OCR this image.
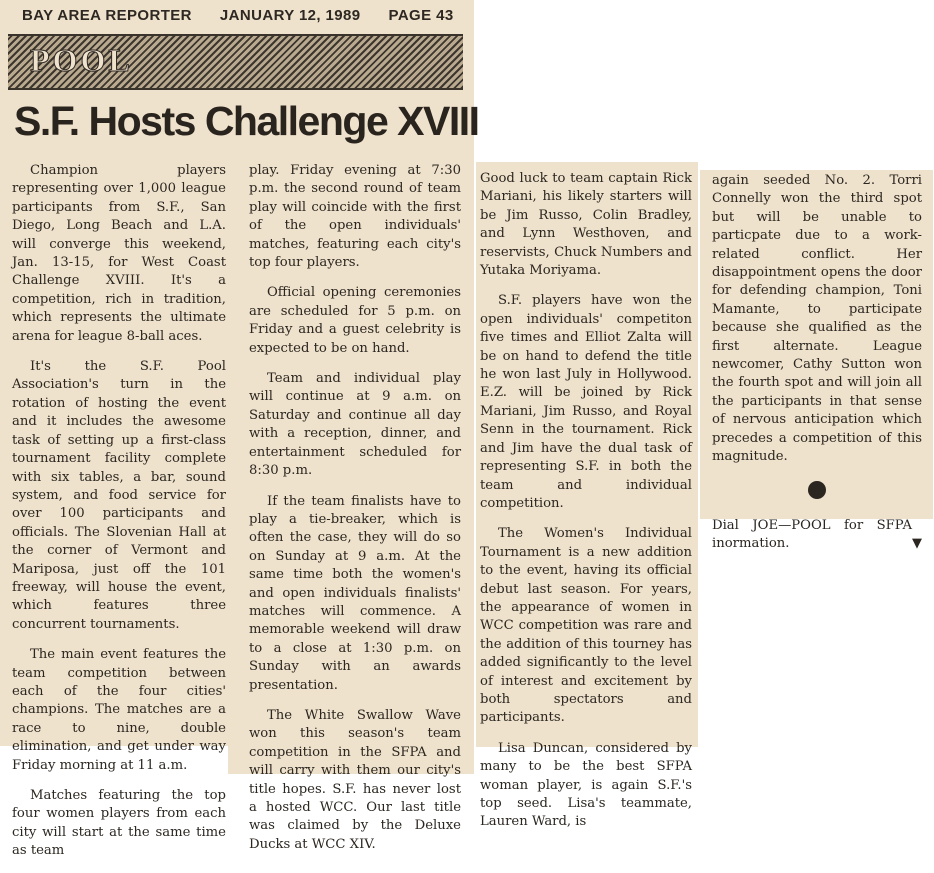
BAY AREA REPORTER JANUARY 12, 1989 PAGE 43
POOL
S.F. Hosts Challenge XVIII

Champion players representing over 1,000 league participants from S.F., San Diego, Long Beach and L.A. will converge this weekend, Jan. 13-15, for West Coast Challenge XVIII. It's a competition, rich in tradition, which represents the ultimate arena for league 8-ball aces.

It's the S.F. Pool Association's turn in the rotation of hosting the event and it includes the awesome task of setting up a first-class tournament facility complete with six tables, a bar, sound system, and food service for over 100 participants and officials. The Slovenian Hall at the corner of Vermont and Mariposa, just off the 101 freeway, will house the event, which features three concurrent tournaments.

The main event features the team competition between each of the four cities' champions. The matches are a race to nine, double elimination, and get under way Friday morning at 11 a.m.

Matches featuring the top four women players from each city will start at the same time as team

play. Friday evening at 7:30 p.m. the second round of team play will coincide with the first of the open individuals' matches, featuring each city's top four players.

Official opening ceremonies are scheduled for 5 p.m. on Friday and a guest celebrity is expected to be on hand.

Team and individual play will continue at 9 a.m. on Saturday and continue all day with a reception, dinner, and entertainment scheduled for 8:30 p.m.

If the team finalists have to play a tie-breaker, which is often the case, they will do so on Sunday at 9 a.m. At the same time both the women's and open individuals finalists' matches will commence. A memorable weekend will draw to a close at 1:30 p.m. on Sunday with an awards presentation.

The White Swallow Wave won this season's team competition in the SFPA and will carry with them our city's title hopes. S.F. has never lost a hosted WCC. Our last title was claimed by the Deluxe Ducks at WCC XIV.

Good luck to team captain Rick Mariani, his likely starters will be Jim Russo, Colin Bradley, and Lynn Westhoven, and reservists, Chuck Numbers and Yutaka Moriyama.

S.F. players have won the open individuals' competiton five times and Elliot Zalta will be on hand to defend the title he won last July in Hollywood. E.Z. will be joined by Rick Mariani, Jim Russo, and Royal Senn in the tournament. Rick and Jim have the dual task of representing S.F. in both the team and individual competition.

The Women's Individual Tournament is a new addition to the event, having its official debut last season. For years, the appearance of women in WCC competition was rare and the addition of this tourney has added significantly to the level of interest and excitement by both spectators and participants.

Lisa Duncan, considered by many to be the best SFPA woman player, is again S.F.'s top seed. Lisa's teammate, Lauren Ward, is

again seeded No. 2. Torri Connelly won the third spot but will be unable to particpate due to a work-related conflict. Her disappointment opens the door for defending champion, Toni Mamante, to participate because she qualified as the first alternate. League newcomer, Cathy Sutton won the fourth spot and will join all the participants in that sense of nervous anticipation which precedes a competition of this magnitude.

Dial JOE—POOL for SFPA inormation.	▼
